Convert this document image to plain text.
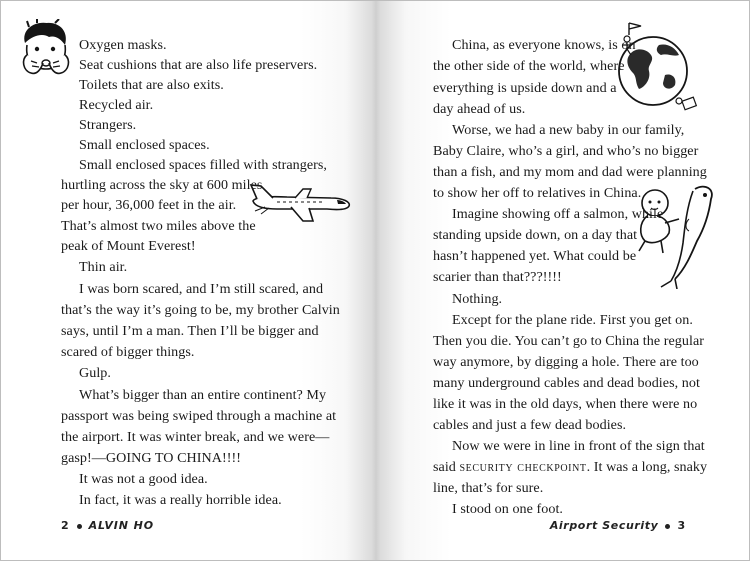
Oxygen masks.

Seat cushions that are also life preservers.

Toilets that are also exits.

Recycled air.

Strangers.

Small enclosed spaces.

Small enclosed spaces filled with strangers,

hurtling across the sky at 600 miles

per hour, 36,000 feet in the air.

That’s almost two miles above the

peak of Mount Everest!

Thin air.

I was born scared, and I’m still scared, and

that’s the way it’s going to be, my brother Calvin

says, until I’m a man. Then I’ll be bigger and

scared of bigger things.

Gulp.

What’s bigger than an entire continent? My

passport was being swiped through a machine at

the airport. It was winter break, and we were—

gasp!—GOING TO CHINA!!!!

It was not a good idea.

In fact, it was a really horrible idea.

2 ALVIN HO

China, as everyone knows, is on

the other side of the world, where

everything is upside down and a

day ahead of us.

Worse, we had a new baby in our family,

Baby Claire, who’s a girl, and who’s no bigger

than a fish, and my mom and dad were planning

to show her off to relatives in China.

Imagine showing off a salmon, while

standing upside down, on a day that

hasn’t happened yet. What could be

scarier than that???!!!!

Nothing.

Except for the plane ride. First you get on.

Then you die. You can’t go to China the regular

way anymore, by digging a hole. There are too

many underground cables and dead bodies, not

like it was in the old days, when there were no

cables and just a few dead bodies.

Now we were in line in front of the sign that

said security checkpoint. It was a long, snaky

line, that’s for sure.

I stood on one foot.

Airport Security 3
